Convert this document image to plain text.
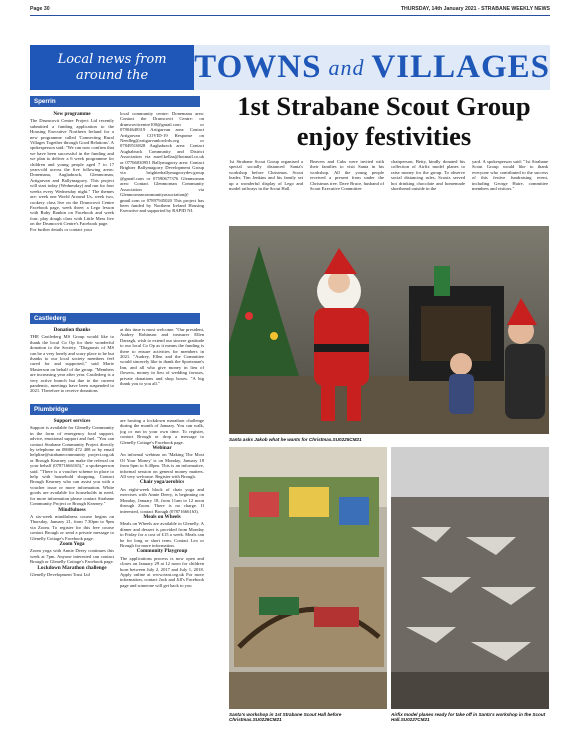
Page 30	THURSDAY, 14th January 2021 - STRABANE WEEKLY NEWS
Local news from
around the TOWNS and VILLAGES
Sperrin
New programme

The Drumcovit Centre Project Ltd recently submitted a funding application to the Housing Executive Northern Ireland for a new programme called 'Connecting Rural Villages Together through Good Relations'. A spokesperson said: "We can now confirm that we have been successful in the funding and we plan to deliver a 6 week programme for children and young people aged 7 to 17 years-old across the five following areas: Donemana, Aughabrack, Glenmornan, Artigarvan and Ballymagorry. This project will start today (Wednesday) and run for four weeks every Wednesday night." The themes are: week one World Around Us, week two, cookery class live on the Drumcovit Centre Facebook page, week three; a Lego lesson with Ruby Rankin on Facebook and week four, play dough class with Little Mess live on the Drumcovit Centre's Facebook page.

For further details or contact your

local community centre: Donemana area: Contact the Drumcovit Centre: on drumcovitcentre100@gmail.com or 07904648319 Artigarvan area: Contact Artigarvan COVID-19 Response on Needleg@artigarvanlowlrds.org or 07849516828 Aughabrack area: Contact Aughabrack Community and District Association via aurel.kellas@hotmail.co.uk or 07766030951 Ballymagorry area: Contact Brighter Ballymagorry Development Group via brighterballymagorrydev.group @gmail.com or 07590677376 Glenmornan area: Contact Glenmornan Community Association via Glenmornancommunityassociation@ gmail.com or 07897945020 This project has been funded by Northern Ireland Housing Executive and supported by RAPID NI.

Castlederg
Donation thanks

THE Castlederg MS Group would like to thank the local Co Op for their wonderful donation to the Society. "Diagnosis of MS can be a very lonely and scary place to be but thanks to our local society members feel cared for and supported," said Marie Masterson on behalf of the group. "Members are increasing year after year. Castlederg is a very active branch but due to the current pandemic, meetings have been suspended to 2021. Therefore to receive donations

at this time is most welcome. "Our president, Audrey Robinson and treasurer Ellen Darragh, wish to extend our sincere gratitude to our local Co Op as it means the funding is there to ensure activities for members in 2021. "Audrey, Ellen and the Committee would sincerely like to thank the Sportsman's Inn, and all who give money in lieu of flowers, money in lieu of wedding favours, private donations and shop boxes. "A big thank you to you all."

Plumbridge
Support services

Support is available for Glenelly Community in the form of emergency food support, advice, emotional support and fuel. "You can contact Strabane Community Project directly by telephone on 08000 472 408 or by email helpline@strabanecommunity project.org.uk or Brough Kearney can make the referral on your behalf (07871666165)," a spokesperson said. "There is a voucher scheme in place to help with household shopping. Contact Brough Kearney who can assist you with a voucher issue or more information. White goods are available for households in need, for more information please contact Strabane Community Project or Brough Kearney."

Mindfulness

A six-week mindfulness course begins on Thursday, January 21, from 7.30pm to 9pm via Zoom. To register for this free course contact Brough or send a private message to Glenelly Cottage's Facebook page.

Zoom Yoga

Zoom yoga with Annie Deery continues this week at 7pm. Anyone interested can contact Brough or Glenelly Cottage's Facebook page.

Lockdown Marathon challenge

Glenelly Development Trust Ltd

are hosting a lockdown marathon challenge during the month of January. You can walk, jog or run in your own time. To register, contact Brough or drop a message to Glenelly Cottage's Facebook page.

Webinar

An informal webinar on 'Making The Most Of Your Money' is on Monday, January 18 from 6pm to 6.40pm. This is an informative, informal session on general money matters. All very welcome. Register with Brough.

Chair yoga/aerobics

An eight-week block of chair yoga and exercises with Annie Deery, is beginning on Monday, January 18, from 11am to 12 noon through Zoom. There is no charge. If interested, contact Brough (07871666163).

Meals on Wheels

Meals on Wheels are available in Glenelly. A dinner and dessert is provided from Monday to Friday for a cost of £15 a week. Meals can be for long or short term. Contact Leo or Brough for more information.

Community Playgroup

The applications process is now open and closes on January 29 at 12 noon for children born between July 2, 2017 and July 1, 2018. Apply online at www.eani.org.uk For more information, contact Jack and Jill's Facebook page and someone will get back to you

1st Strabane Scout Group enjoy festivities

1st Strabane Scout Group organised a special socially distanced Santa's workshop before Christmas. Scout leader, Tim Jenkins and his family set up a wonderful display of Lego and model railways in the Scout Hall.

Beavers and Cubs were invited with their families to visit Santa in his workshop. All the young people received a present from under the Christmas tree. Dave Bruce, husband of Scout Executive Committee

chairperson, Betty, kindly donated his collection of Airfix model planes to raise money for the group. To observe social distancing rules, Scouts served hot drinking chocolate and homemade shortbread outside in the

yard. A spokesperson said: "1st Strabane Scout Group would like to thank everyone who contributed to the success of this festive fundraising event, including George Haire, committee members and visitors."

Santa asks Jakob what he wants for Christmas.SU0225CM21
Santa's workshop in 1st Strabane Scout Hall before Christmas.SU0226CM21
Airfix model planes ready for take off in Santa's workshop in the Scout Hall.SU0227CM21
